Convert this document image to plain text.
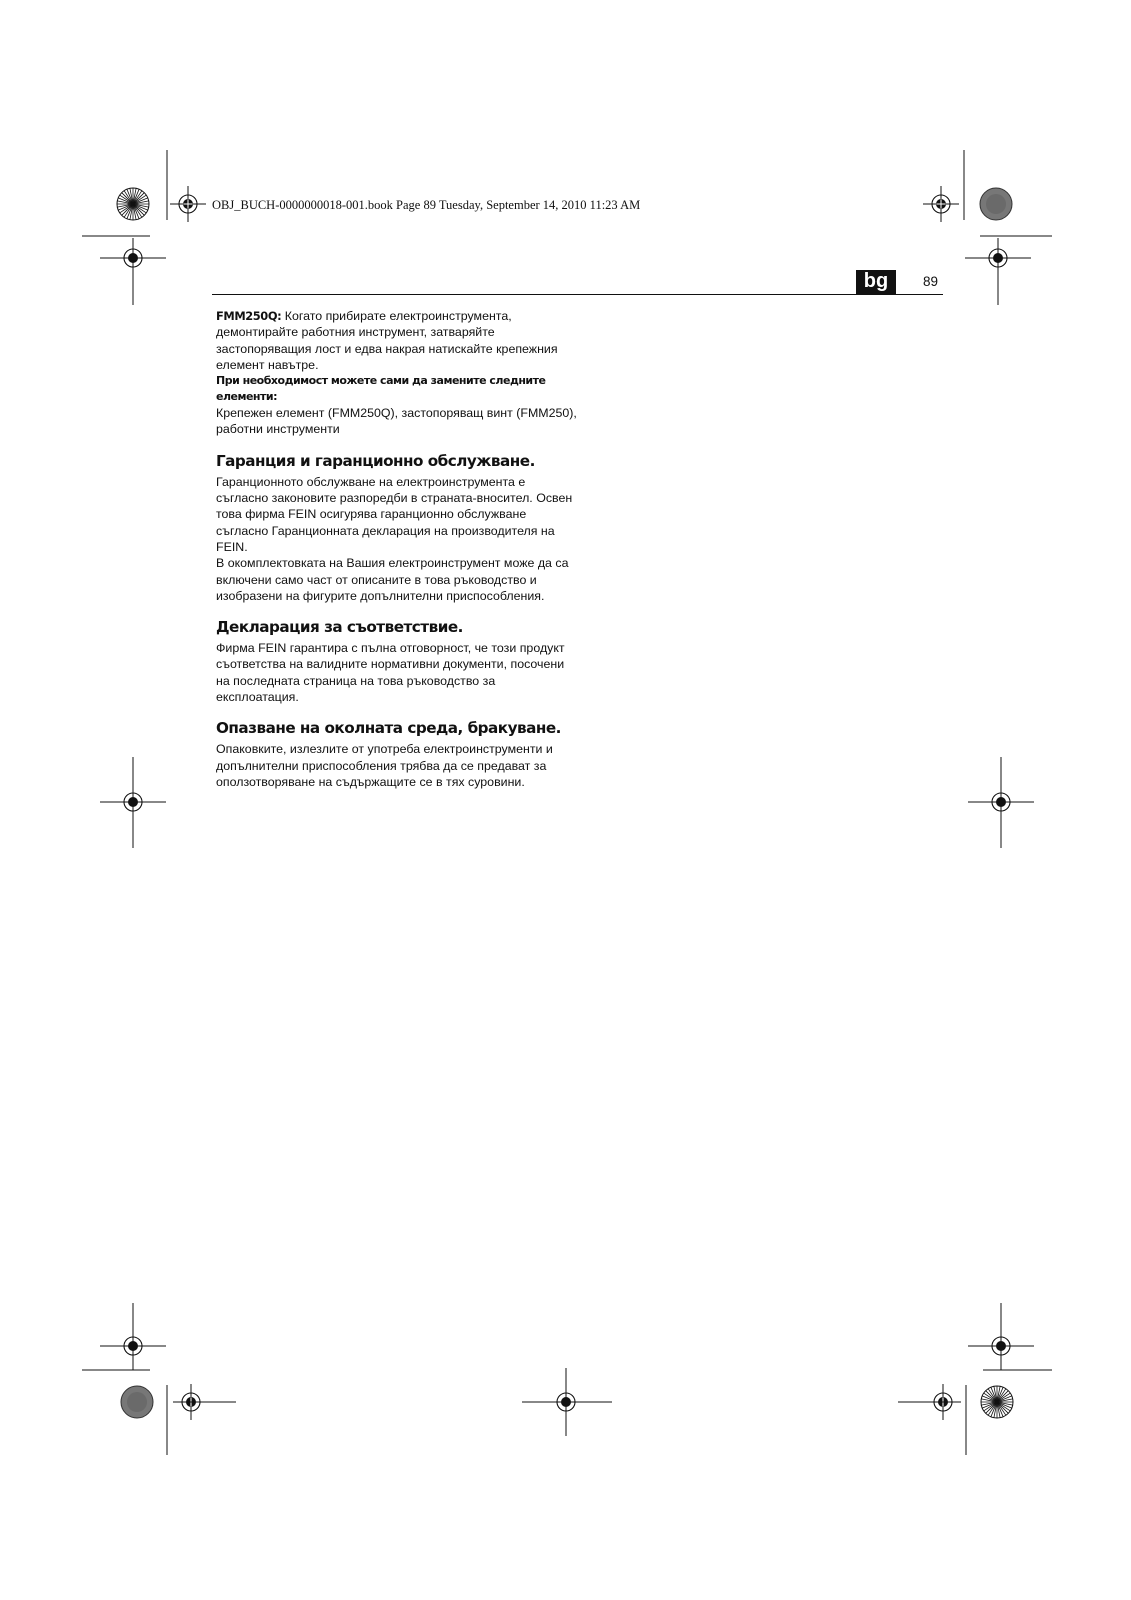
OBJ_BUCH-0000000018-001.book Page 89 Tuesday, September 14, 2010 11:23 AM
bg	89

FMM250Q: Когато прибирате електроинструмента, демонтирайте работния инструмент, затваряйте застопоряващия лост и едва накрая натискайте крепежния елемент навътре.

При необходимост можете сами да замените следните елементи:

Крепежен елемент (FMM250Q), застопоряващ винт (FMM250), работни инструменти

Гаранция и гаранционно обслужване.

Гаранционното обслужване на електроинструмента е съгласно законовите разпоредби в страната-вносител. Освен това фирма FEIN осигурява гаранционно обслужване съгласно Гаранционната декларация на производителя на FEIN.

В окомплектовката на Вашия електроинструмент може да са включени само част от описаните в това ръководство и изобразени на фигурите допълнителни приспособления.

Декларация за съответствие.

Фирма FEIN гарантира с пълна отговорност, че този продукт съответства на валидните нормативни документи, посочени на последната страница на това ръководство за експлоатация.

Опазване на околната среда, бракуване.

Опаковките, излезлите от употреба електроинструменти и допълнителни приспособления трябва да се предават за оползотворяване на съдържащите се в тях суровини.
